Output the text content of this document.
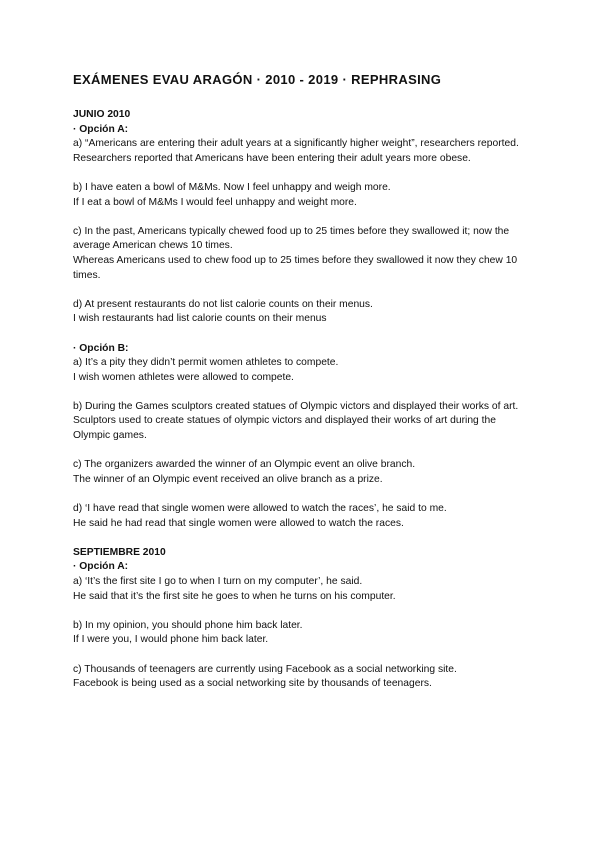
EXÁMENES EVAU ARAGÓN · 2010 - 2019 · REPHRASING
JUNIO 2010
· Opción A:
a) “Americans are entering their adult years at a significantly higher weight”, researchers reported.
Researchers reported that Americans have been entering their adult years more obese.
b) I have eaten a bowl of M&Ms. Now I feel unhappy and weigh more.
If I eat a bowl of M&Ms I would feel unhappy and weight more.
c) In the past, Americans typically chewed food up to 25 times before they swallowed it; now the average American chews 10 times.
Whereas Americans used to chew food up to 25 times before they swallowed it now they chew 10 times.
d) At present restaurants do not list calorie counts on their menus.
I wish restaurants had list calorie counts on their menus
· Opción B:
a) It’s a pity they didn’t permit women athletes to compete.
I wish women athletes were allowed to compete.
b) During the Games sculptors created statues of Olympic victors and displayed their works of art.
Sculptors used to create statues of olympic victors and displayed their works of art during the Olympic games.
c) The organizers awarded the winner of an Olympic event an olive branch.
The winner of an Olympic event received an olive branch as a prize.
d) ‘I have read that single women were allowed to watch the races’, he said to me.
He said he had read that single women were allowed to watch the races.
SEPTIEMBRE 2010
· Opción A:
a) ‘It’s the first site I go to when I turn on my computer’, he said.
He said that it’s the first site he goes to when he turns on his computer.
b) In my opinion, you should phone him back later.
If I were you, I would phone him back later.
c) Thousands of teenagers are currently using Facebook as a social networking site.
Facebook is being used as a social networking site by thousands of teenagers.
